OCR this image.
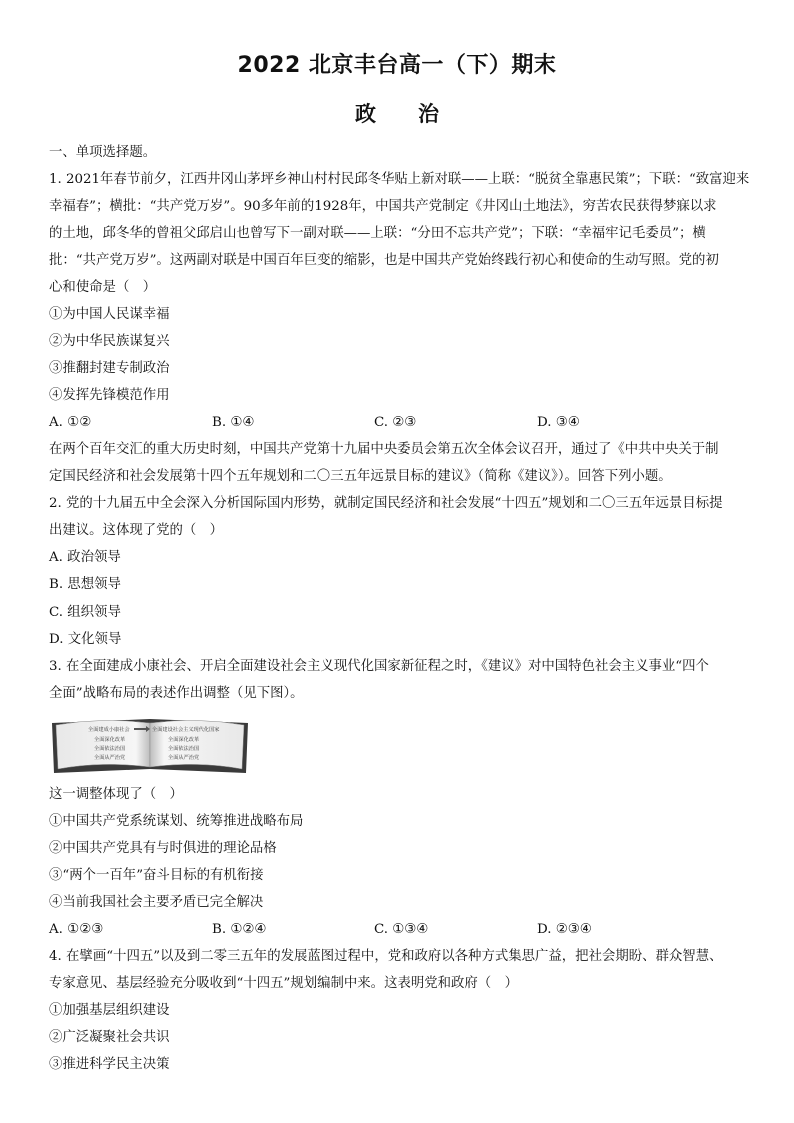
2022 北京丰台高一（下）期末
政　　治
一、单项选择题。
1. 2021年春节前夕，江西井冈山茅坪乡神山村村民邱冬华贴上新对联——上联：“脱贫全靠惠民策”；下联：“致富迎来
幸福春”；横批：“共产党万岁”。90多年前的1928年，中国共产党制定《井冈山土地法》，穷苦农民获得梦寐以求
的土地，邱冬华的曾祖父邱启山也曾写下一副对联——上联：“分田不忘共产党”；下联：“幸福牢记毛委员”；横
批：“共产党万岁”。这两副对联是中国百年巨变的缩影，也是中国共产党始终践行初心和使命的生动写照。党的初
心和使命是（　）
①为中国人民谋幸福
②为中华民族谋复兴
③推翻封建专制政治
④发挥先锋模范作用
A. ①②	B. ①④	C. ②③	D. ③④
在两个百年交汇的重大历史时刻，中国共产党第十九届中央委员会第五次全体会议召开，通过了《中共中央关于制
定国民经济和社会发展第十四个五年规划和二〇三五年远景目标的建议》（简称《建议》）。回答下列小题。
2. 党的十九届五中全会深入分析国际国内形势，就制定国民经济和社会发展“十四五”规划和二〇三五年远景目标提
出建议。这体现了党的（　）
A. 政治领导
B. 思想领导
C. 组织领导
D. 文化领导
3. 在全面建成小康社会、开启全面建设社会主义现代化国家新征程之时，《建议》对中国特色社会主义事业“四个
全面”战略布局的表述作出调整（见下图）。
全面建成小康社会
全面深化改革
全面依法治国
全面从严治党
全面建设社会主义现代化国家
全面深化改革
全面依法治国
全面从严治党
这一调整体现了（　）
①中国共产党系统谋划、统筹推进战略布局
②中国共产党具有与时俱进的理论品格
③“两个一百年”奋斗目标的有机衔接
④当前我国社会主要矛盾已完全解决
A. ①②③	B. ①②④	C. ①③④	D. ②③④
4. 在擘画“十四五”以及到二零三五年的发展蓝图过程中，党和政府以各种方式集思广益，把社会期盼、群众智慧、
专家意见、基层经验充分吸收到“十四五”规划编制中来。这表明党和政府（　）
①加强基层组织建设
②广泛凝聚社会共识
③推进科学民主决策
